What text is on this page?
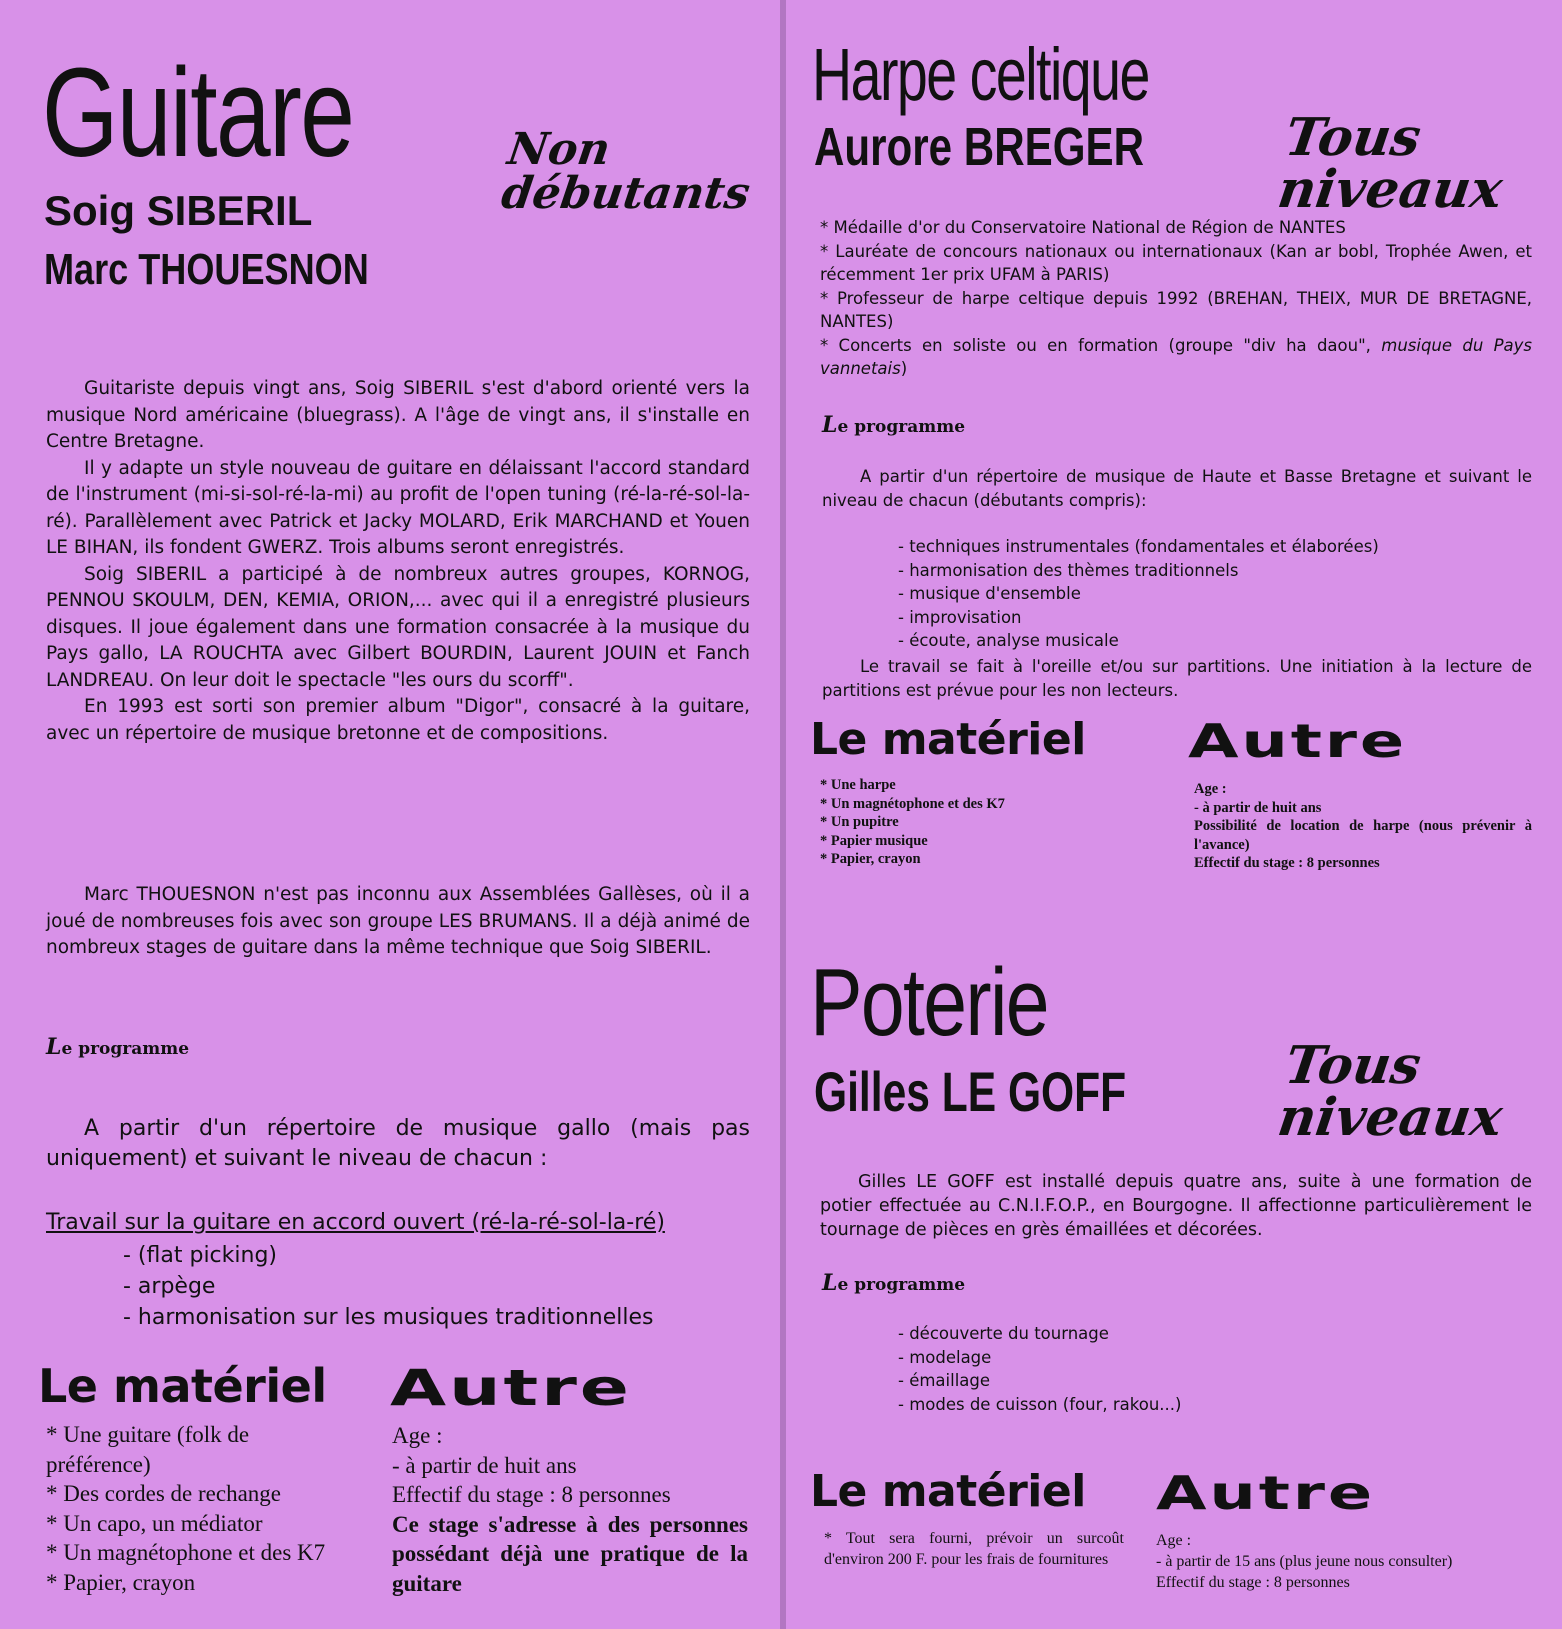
Guitare
Soig SIBERIL
Marc THOUESNON
Non débutants

Guitariste depuis vingt ans, Soig SIBERIL s'est d'abord orienté vers la musique Nord américaine (bluegrass). A l'âge de vingt ans, il s'installe en Centre Bretagne.

Il y adapte un style nouveau de guitare en délaissant l'accord standard de l'instrument (mi-si-sol-ré-la-mi) au profit de l'open tuning (ré-la-ré-sol-la-ré). Parallèlement avec Patrick et Jacky MOLARD, Erik MARCHAND et Youen LE BIHAN, ils fondent GWERZ. Trois albums seront enregistrés.

Soig SIBERIL a participé à de nombreux autres groupes, KORNOG, PENNOU SKOULM, DEN, KEMIA, ORION,... avec qui il a enregistré plusieurs disques. Il joue également dans une formation consacrée à la musique du Pays gallo, LA ROUCHTA avec Gilbert BOURDIN, Laurent JOUIN et Fanch LANDREAU. On leur doit le spectacle "les ours du scorff".

En 1993 est sorti son premier album "Digor", consacré à la guitare, avec un répertoire de musique bretonne et de compositions.

Marc THOUESNON n'est pas inconnu aux Assemblées Gallèses, où il a joué de nombreuses fois avec son groupe LES BRUMANS. Il a déjà animé de nombreux stages de guitare dans la même technique que Soig SIBERIL.

Le programme

A partir d'un répertoire de musique gallo (mais pas uniquement) et suivant le niveau de chacun :

Travail sur la guitare en accord ouvert (ré-la-ré-sol-la-ré)
- (flat picking)
- arpège
- harmonisation sur les musiques traditionnelles
Le matériel Autre
* Une guitare (folk de préférence)
* Des cordes de rechange
* Un capo, un médiator
* Un magnétophone et des K7
* Papier, crayon
Age :
- à partir de huit ans
Effectif du stage : 8 personnes
Ce stage s'adresse à des personnes possédant déjà une pratique de la guitare
Harpe celtique
Aurore BREGER	Tous niveaux
* Médaille d'or du Conservatoire National de Région de NANTES
* Lauréate de concours nationaux ou internationaux (Kan ar bobl, Trophée Awen, et récemment 1er prix UFAM à PARIS)
* Professeur de harpe celtique depuis 1992 (BREHAN, THEIX, MUR DE BRETAGNE, NANTES)
* Concerts en soliste ou en formation (groupe "div ha daou", musique du Pays vannetais)
Le programme

A partir d'un répertoire de musique de Haute et Basse Bretagne et suivant le niveau de chacun (débutants compris):

- techniques instrumentales (fondamentales et élaborées)
- harmonisation des thèmes traditionnels
- musique d'ensemble
- improvisation
- écoute, analyse musicale

Le travail se fait à l'oreille et/ou sur partitions. Une initiation à la lecture de partitions est prévue pour les non lecteurs.

Le matériel Autre
* Une harpe
* Un magnétophone et des K7
* Un pupitre
* Papier musique
* Papier, crayon
Age :
- à partir de huit ans
Possibilité de location de harpe (nous prévenir à l'avance)
Effectif du stage : 8 personnes
Poterie
Gilles LE GOFF	Tous niveaux

Gilles LE GOFF est installé depuis quatre ans, suite à une formation de potier effectuée au C.N.I.F.O.P., en Bourgogne. Il affectionne particulièrement le tournage de pièces en grès émaillées et décorées.

Le programme
- découverte du tournage
- modelage
- émaillage
- modes de cuisson (four, rakou...)
Le matériel Autre
* Tout sera fourni, prévoir un surcoût d'environ 200 F. pour les frais de fournitures
Age :
- à partir de 15 ans (plus jeune nous consulter)
Effectif du stage : 8 personnes
